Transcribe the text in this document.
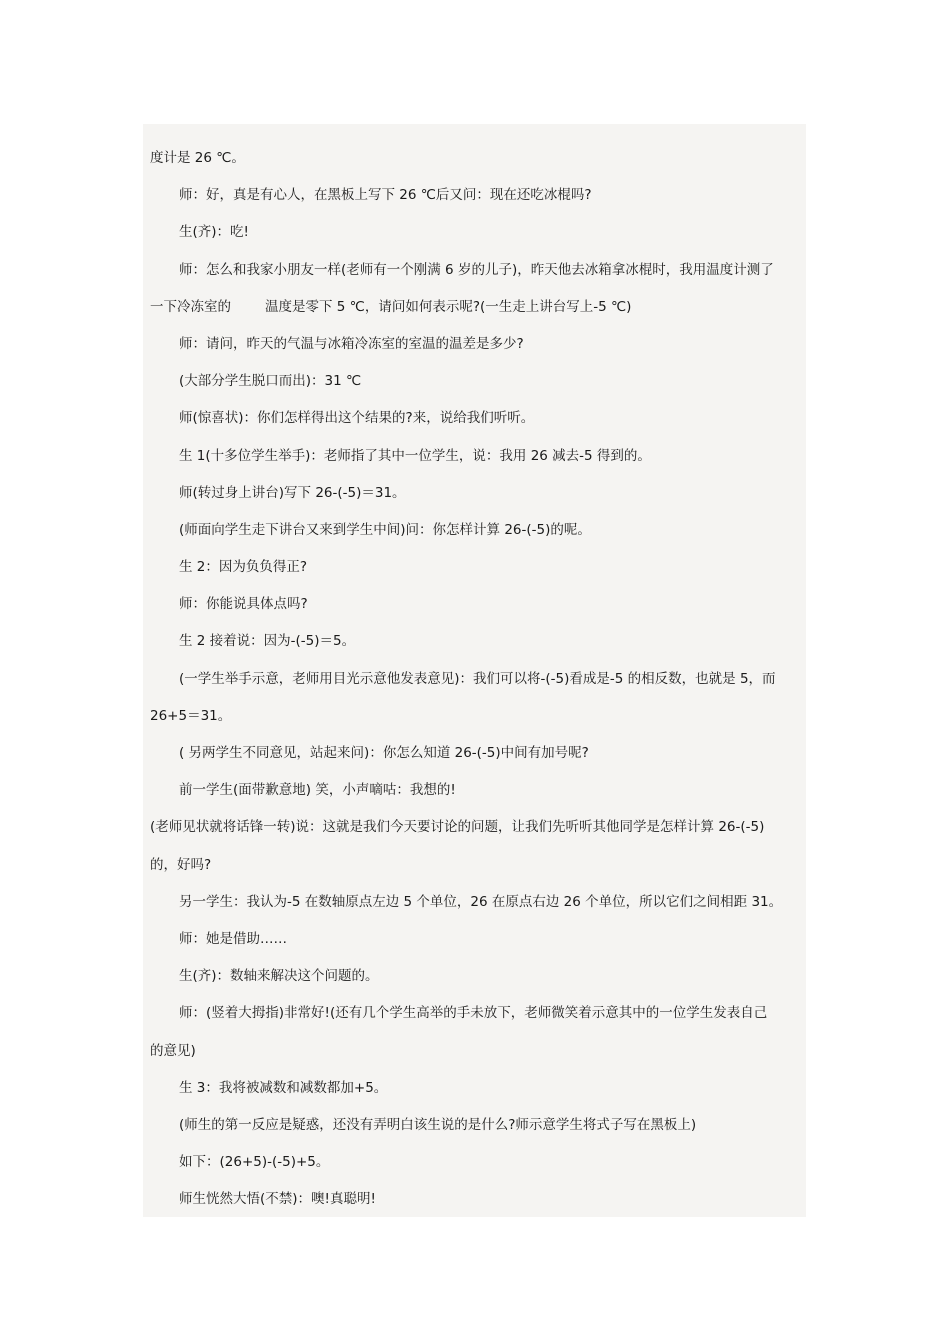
度计是 26 ℃。
师：好，真是有心人，在黑板上写下 26 ℃后又问：现在还吃冰棍吗?
生(齐)：吃!
师：怎么和我家小朋友一样(老师有一个刚满 6 岁的儿子)，昨天他去冰箱拿冰棍时，我用温度计测了
一下冷冻室的	温度是零下 5 ℃，请问如何表示呢?(一生走上讲台写上-5 ℃)
师：请问，昨天的气温与冰箱冷冻室的室温的温差是多少?
(大部分学生脱口而出)：31 ℃
师(惊喜状)：你们怎样得出这个结果的?来，说给我们听听。
生 1(十多位学生举手)：老师指了其中一位学生，说：我用 26 减去-5 得到的。
师(转过身上讲台)写下 26-(-5)＝31。
(师面向学生走下讲台又来到学生中间)问：你怎样计算 26-(-5)的呢。
生 2：因为负负得正?
师：你能说具体点吗?
生 2 接着说：因为-(-5)＝5。
(一学生举手示意，老师用目光示意他发表意见)：我们可以将-(-5)看成是-5 的相反数，也就是 5，而
26+5＝31。
( 另两学生不同意见，站起来问)：你怎么知道 26-(-5)中间有加号呢?
前一学生(面带歉意地) 笑，小声嘀咕：我想的!
(老师见状就将话锋一转)说：这就是我们今天要讨论的问题，让我们先听听其他同学是怎样计算 26-(-5)
的，好吗?
另一学生：我认为-5 在数轴原点左边 5 个单位，26 在原点右边 26 个单位，所以它们之间相距 31。
师：她是借助……
生(齐)：数轴来解决这个问题的。
师：(竖着大拇指)非常好!(还有几个学生高举的手未放下，老师微笑着示意其中的一位学生发表自己
的意见)
生 3：我将被减数和减数都加+5。
(师生的第一反应是疑惑，还没有弄明白该生说的是什么?师示意学生将式子写在黑板上)
如下：(26+5)-(-5)+5。
师生恍然大悟(不禁)：噢!真聪明!
